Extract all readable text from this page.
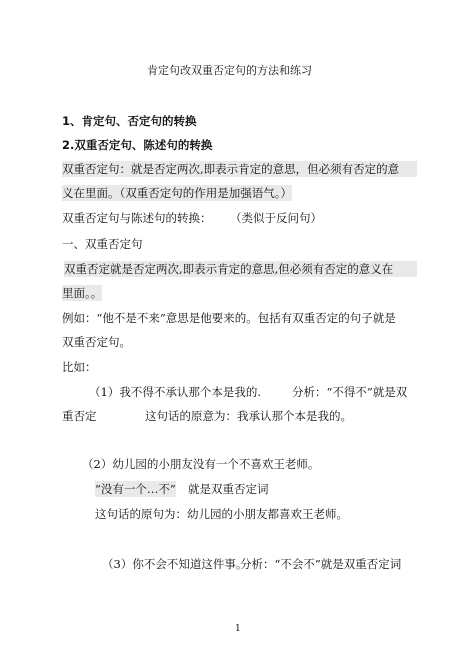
肯定句改双重否定句的方法和练习
1、肯定句、否定句的转换
2.双重否定句、陈述句的转换
双重否定句：就是否定两次,即表示肯定的意思，但必须有否定的意
义在里面。（双重否定句的作用是加强语气。）
双重否定句与陈述句的转换： （类似于反问句）
一、双重否定句
双重否定就是否定两次,即表示肯定的意思,但必须有否定的意义在
里面。。
例如：“他不是不来”意思是他要来的。包括有双重否定的句子就是
双重否定句。
比如：
（1）我不得不承认那个本是我的.	分析：“不得不”就是双
重否定	这句话的原意为：我承认那个本是我的。
（2）幼儿园的小朋友没有一个不喜欢王老师。
“没有一个…不” 就是双重否定词
这句话的原句为：幼儿园的小朋友都喜欢王老师。
（3）你不会不知道这件事。
分析：“不会不”就是双重否定词
1
